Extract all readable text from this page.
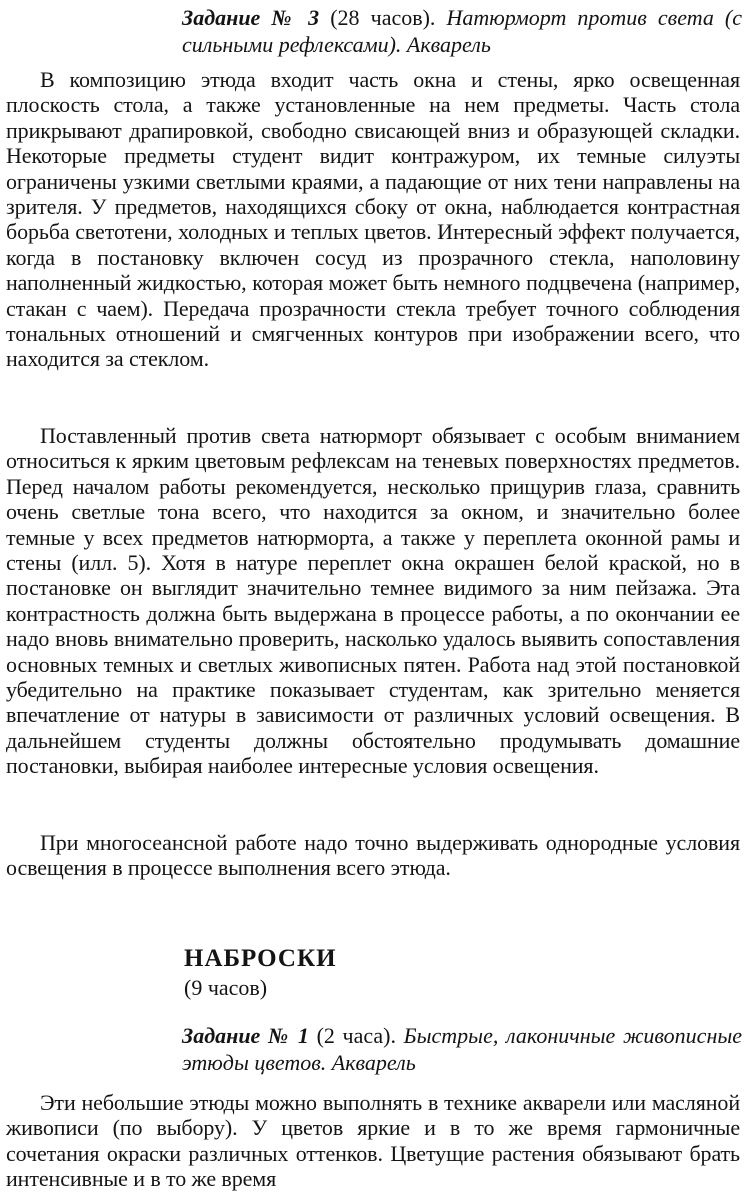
Задание № 3 (28 часов). Натюрморт против света (с сильными рефлексами). Акварель

В композицию этюда входит часть окна и стены, ярко освещенная плоскость стола, а также установленные на нем предметы. Часть стола прикрывают драпировкой, свободно свисающей вниз и образующей складки. Некоторые предметы студент видит контражуром, их темные силуэты ограничены узкими светлыми краями, а падающие от них тени направлены на зрителя. У предметов, находящихся сбоку от окна, наблюдается контрастная борьба светотени, холодных и теплых цветов. Интересный эффект получается, когда в постановку включен сосуд из прозрачного стекла, наполовину наполненный жидкостью, которая может быть немного подцвечена (например, стакан с чаем). Передача прозрачности стекла требует точного соблюдения тональных отношений и смягченных контуров при изображении всего, что находится за стеклом.

Поставленный против света натюрморт обязывает с особым вниманием относиться к ярким цветовым рефлексам на теневых поверхностях предметов. Перед началом работы рекомендуется, несколько прищурив глаза, сравнить очень светлые тона всего, что находится за окном, и значительно более темные у всех предметов натюрморта, а также у переплета оконной рамы и стены (илл. 5). Хотя в натуре переплет окна окрашен белой краской, но в постановке он выглядит значительно темнее видимого за ним пейзажа. Эта контрастность должна быть выдержана в процессе работы, а по окончании ее надо вновь внимательно проверить, насколько удалось выявить сопоставления основных темных и светлых живописных пятен. Работа над этой постановкой убедительно на практике показывает студентам, как зрительно меняется впечатление от натуры в зависимости от различных условий освещения. В дальнейшем студенты должны обстоятельно продумывать домашние постановки, выбирая наиболее интересные условия освещения.

При многосеансной работе надо точно выдерживать однородные условия освещения в процессе выполнения всего этюда.

НАБРОСКИ
(9 часов)
Задание № 1 (2 часа). Быстрые, лаконичные живописные этюды цветов. Акварель

Эти небольшие этюды можно выполнять в технике акварели или масляной живописи (по выбору). У цветов яркие и в то же время гармоничные сочетания окраски различных оттенков. Цветущие растения обязывают брать интенсивные и в то же время
